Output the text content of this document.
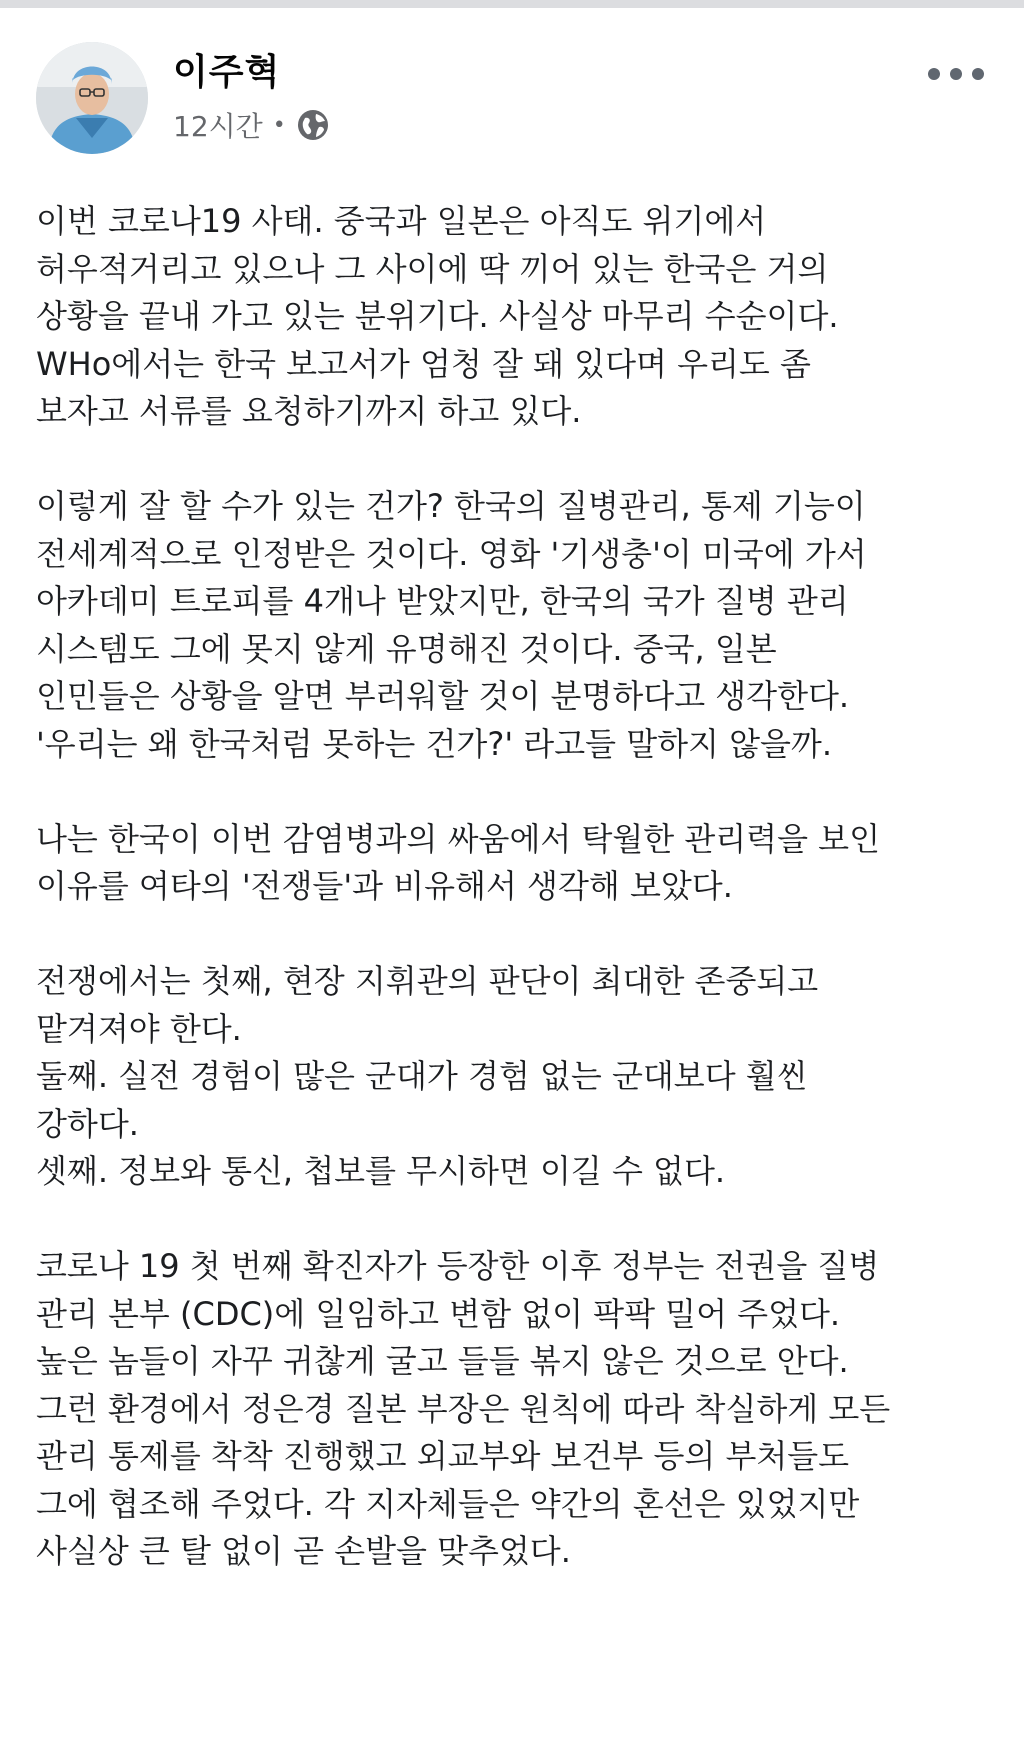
이주혁
12시간 •
이번 코로나19 사태. 중국과 일본은 아직도 위기에서
허우적거리고 있으나 그 사이에 딱 끼어 있는 한국은 거의
상황을 끝내 가고 있는 분위기다. 사실상 마무리 수순이다.
WHo에서는 한국 보고서가 엄청 잘 돼 있다며 우리도 좀
보자고 서류를 요청하기까지 하고 있다.
이렇게 잘 할 수가 있는 건가? 한국의 질병관리, 통제 기능이
전세계적으로 인정받은 것이다. 영화 '기생충'이 미국에 가서
아카데미 트로피를 4개나 받았지만, 한국의 국가 질병 관리
시스템도 그에 못지 않게 유명해진 것이다. 중국, 일본
인민들은 상황을 알면 부러워할 것이 분명하다고 생각한다.
'우리는 왜 한국처럼 못하는 건가?' 라고들 말하지 않을까.
나는 한국이 이번 감염병과의 싸움에서 탁월한 관리력을 보인
이유를 여타의 '전쟁들'과 비유해서 생각해 보았다.
전쟁에서는 첫째, 현장 지휘관의 판단이 최대한 존중되고
맡겨져야 한다.
둘째. 실전 경험이 많은 군대가 경험 없는 군대보다 훨씬
강하다.
셋째. 정보와 통신, 첩보를 무시하면 이길 수 없다.
코로나 19 첫 번째 확진자가 등장한 이후 정부는 전권을 질병
관리 본부 (CDC)에 일임하고 변함 없이 팍팍 밀어 주었다.
높은 놈들이 자꾸 귀찮게 굴고 들들 볶지 않은 것으로 안다.
그런 환경에서 정은경 질본 부장은 원칙에 따라 착실하게 모든
관리 통제를 착착 진행했고 외교부와 보건부 등의 부처들도
그에 협조해 주었다. 각 지자체들은 약간의 혼선은 있었지만
사실상 큰 탈 없이 곧 손발을 맞추었다.
